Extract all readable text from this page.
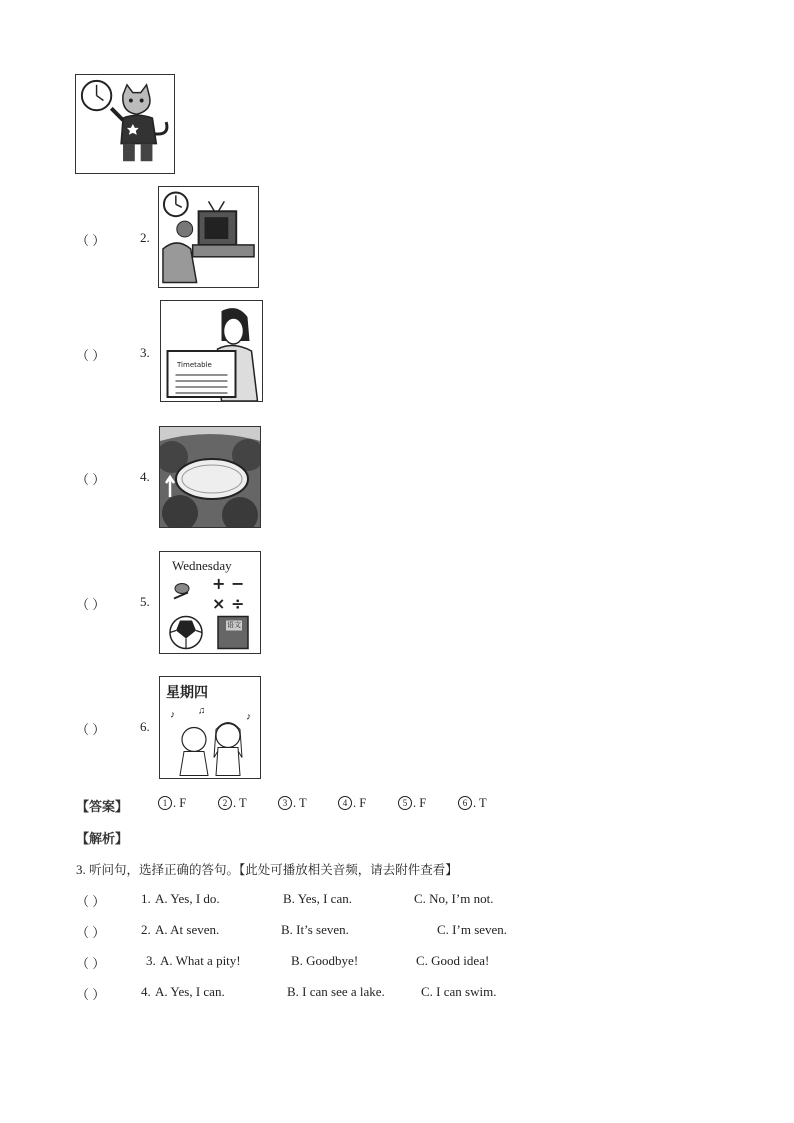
（ ）	2.
（ ）	3.
Timetable
（ ）	4.
（ ）	5.
Wednesday
+ −
× ÷
语文
（ ）	6.
♪ ♫
♪
星期四
【答案】	1 . F	2 . T	3 . T	4 . F	5 . F	6 . T
【解析】
3. 听问句，选择正确的答句。【此处可播放相关音频，请去附件查看】
（ ）	1. A. Yes, I do.	B. Yes, I can.	C. No, I’m not.
（ ）	2. A. At seven.	B. It’s seven.	C. I’m seven.
（ ）	3. A. What a pity!	B. Goodbye!	C. Good idea!
（ ）	4. A. Yes, I can.	B. I can see a lake.	C. I can swim.
